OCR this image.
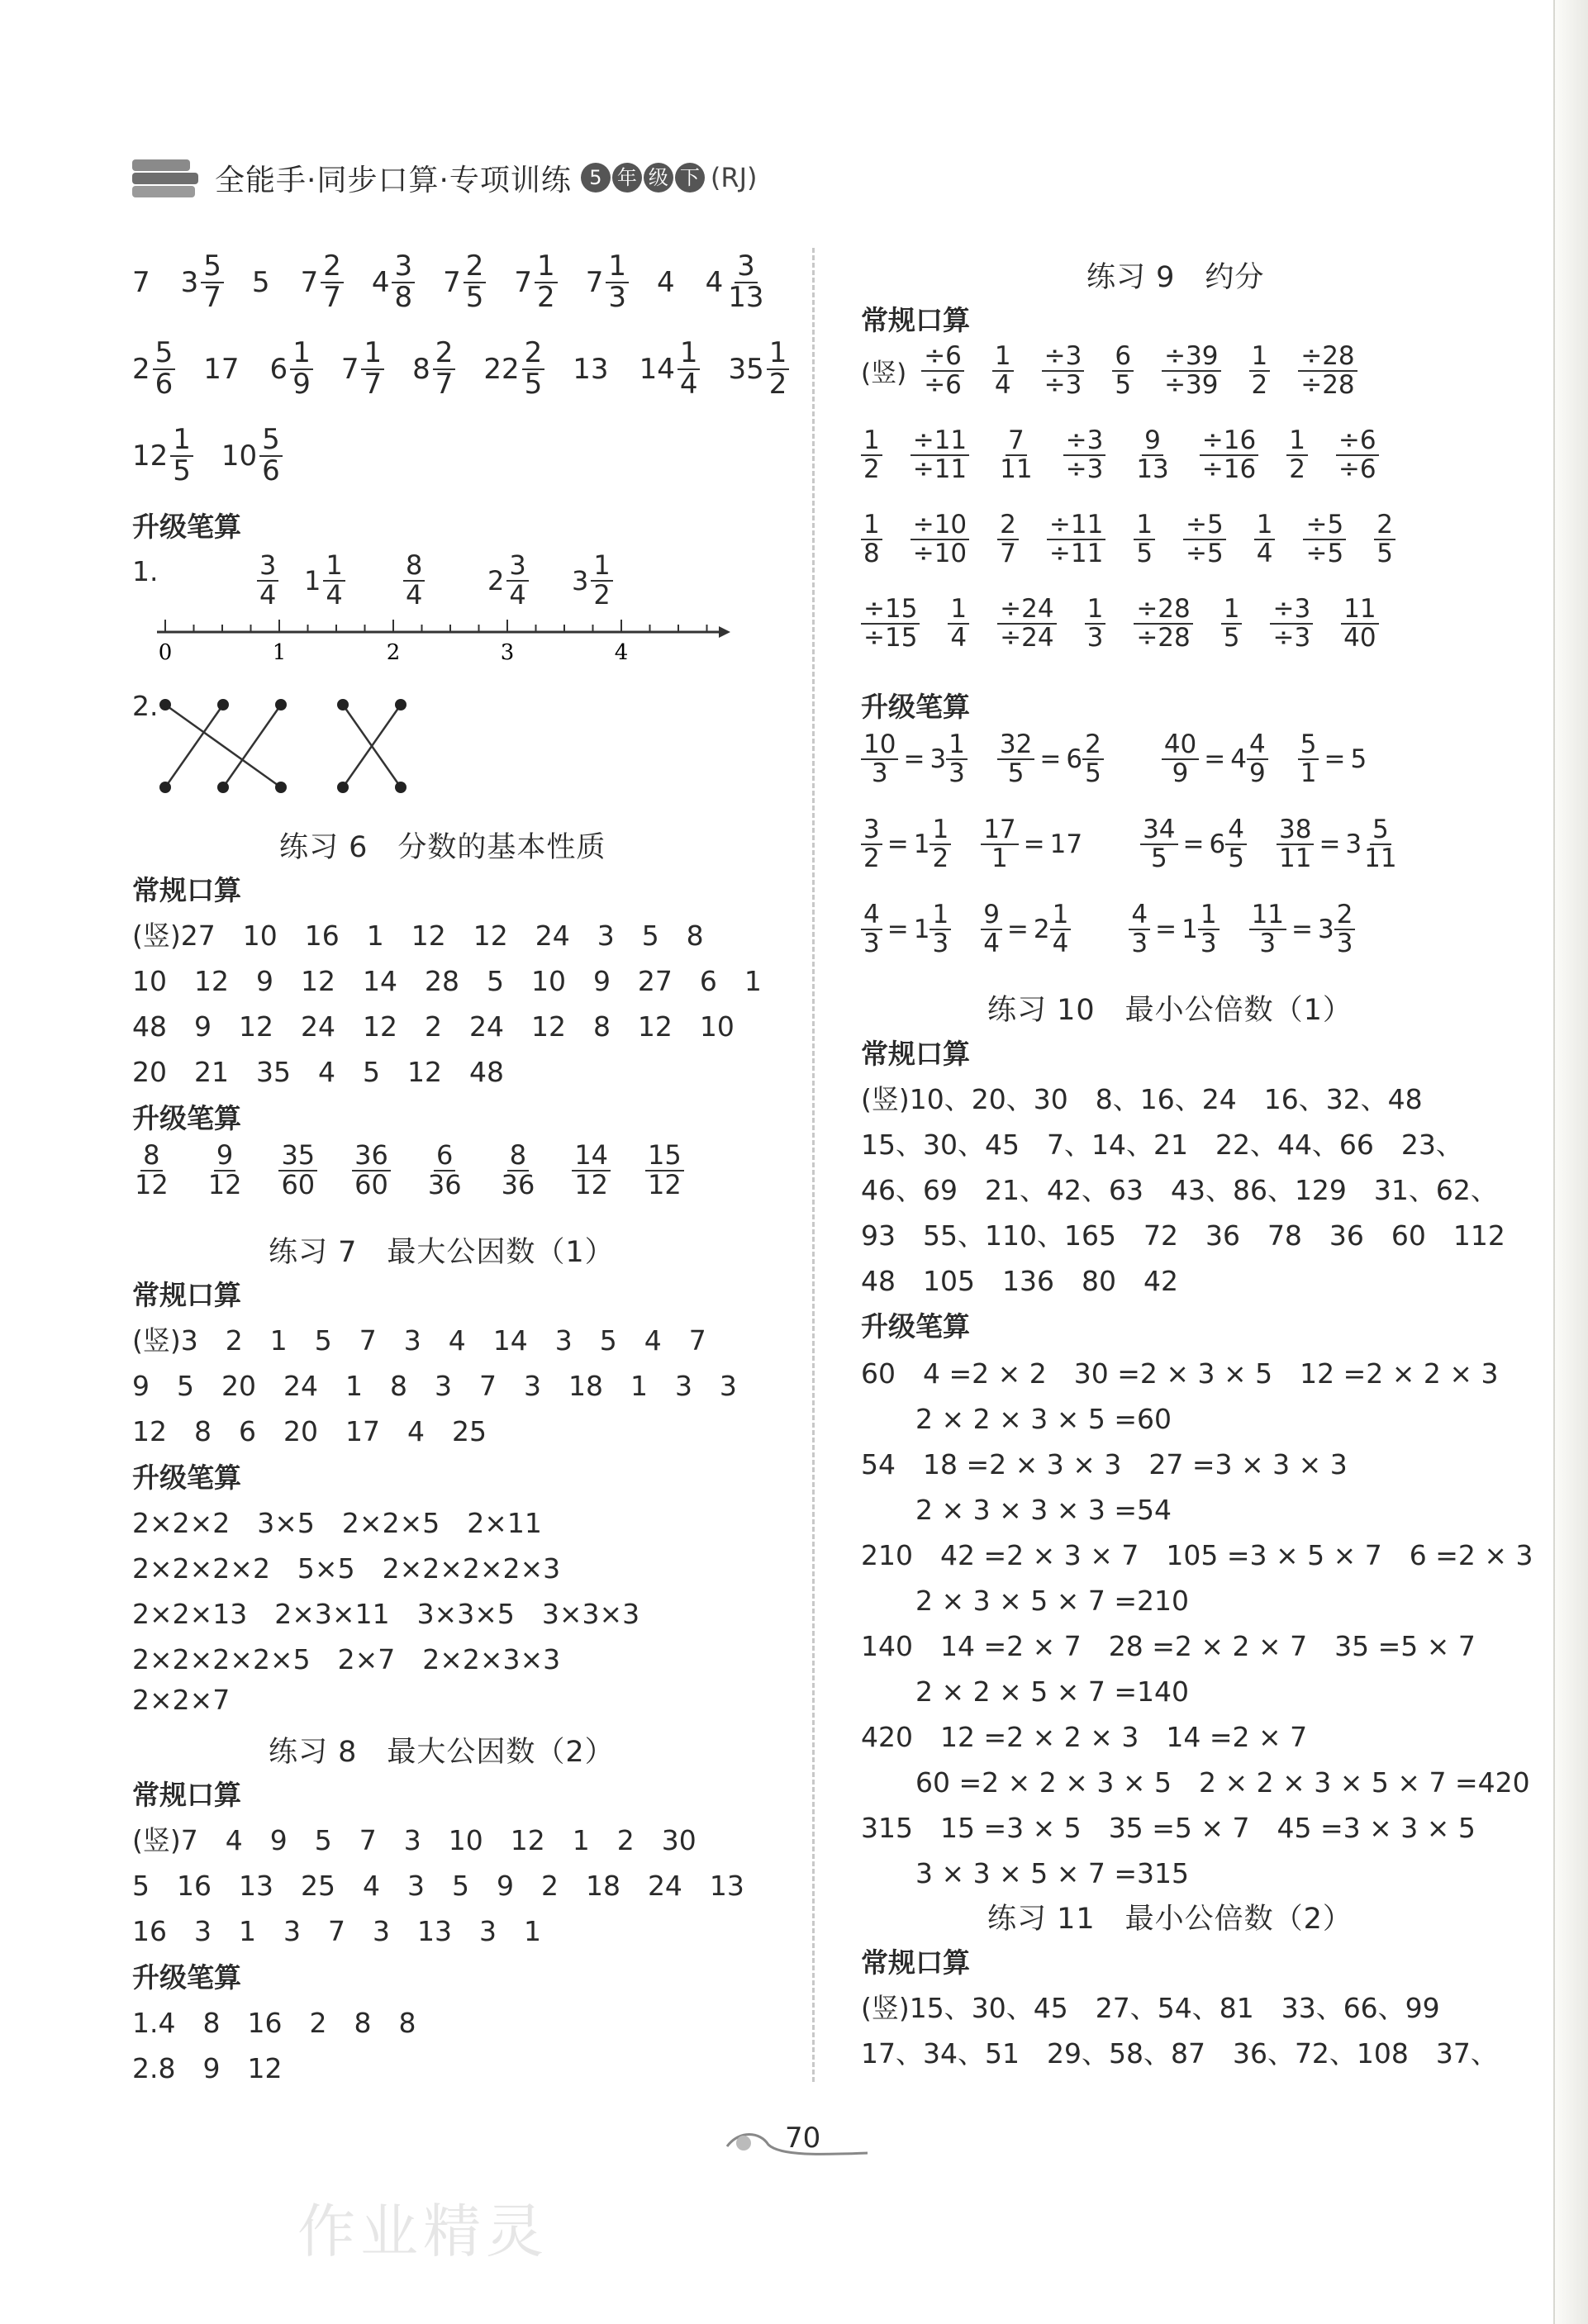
全能手·同步口算·专项训练 5 年 级 下 (RJ)
7 $3 \frac{5}{7} 5$ $7 \frac{2}{7} 4 \frac{3}{8} 7 \frac{2}{5} 7 \frac{1}{2} 7 \frac{1}{3} 4$ $4 \frac{3}{13}$
$2 \frac{5}{6} 17$ $6 \frac{1}{9} 7 \frac{1}{7} 8 \frac{2}{7} 22 \frac{2}{5} 13$ $14 \frac{1}{4} 35 \frac{1}{2}$
$12 \frac{1}{5} 10 \frac{5}{6}$
升级笔算
1.	$\frac{3}{4} 1 \frac{1}{4} \frac{8}{4} 2 \frac{3}{4} 3 \frac{1}{2}$
0	1	2	3	4
2.
练习 6　分数的基本性质
常规口算
(竖)27　10　16　1　12　12　24　3　5　8
10　12　9　12　14　28　5　10　9　27　6　1
48　9　12　24　12　2　24　12　8　12　10
20　21　35　4　5　12　48
升级笔算
$\frac{8}{12} \frac{9}{12} \frac{35}{60} \frac{36}{60} \frac{6}{36} \frac{8}{36} \frac{14}{12} \frac{15}{12}$
练习 7　最大公因数（1）
常规口算
(竖)3　2　1　5　7　3　4　14　3　5　4　7
9　5　20　24　1　8　3　7　3　18　1　3　3
12　8　6　20　17　4　25
升级笔算
2×2×2　3×5　2×2×5　2×11
2×2×2×2　5×5　2×2×2×2×3
2×2×13　2×3×11　3×3×5　3×3×3
2×2×2×2×5　2×7　2×2×3×3
2×2×7
练习 8　最大公因数（2）
常规口算
(竖)7　4　9　5　7　3　10　12　1　2　30
5　16　13　25　4　3　5　9　2　18　24　13
16　3　1　3　7　3　13　3　1
升级笔算
1.4　8　16　2　8　8
2.8　9　12
练习 9　约分
常规口算
(竖) $\frac{\div 6}{\div 6} \frac{1}{4} \frac{\div 3}{\div 3} \frac{6}{5} \frac{\div 39}{\div 39} \frac{1}{2} \frac{\div 28}{\div 28}$
$\frac{1}{2} \frac{\div 11}{\div 11} \frac{7}{11} \frac{\div 3}{\div 3} \frac{9}{13} \frac{\div 16}{\div 16} \frac{1}{2} \frac{\div 6}{\div 6}$
$\frac{1}{8} \frac{\div 10}{\div 10} \frac{2}{7} \frac{\div 11}{\div 11} \frac{1}{5} \frac{\div 5}{\div 5} \frac{1}{4} \frac{\div 5}{\div 5} \frac{2}{5}$
$\frac{\div 15}{\div 15} \frac{1}{4} \frac{\div 24}{\div 24} \frac{1}{3} \frac{\div 28}{\div 28} \frac{1}{5} \frac{\div 3}{\div 3} \frac{11}{40}$
升级笔算
$\frac{10}{3} = 3 \frac{1}{3} \frac{32}{5} = 6 \frac{2}{5} \frac{40}{9} = 4 \frac{4}{9} \frac{5}{1} = 5$
$\frac{3}{2} = 1 \frac{1}{2} \frac{17}{1} = 17 \frac{34}{5} = 6 \frac{4}{5} \frac{38}{11} = 3 \frac{5}{11}$
$\frac{4}{3} = 1 \frac{1}{3} \frac{9}{4} = 2 \frac{1}{4} \frac{4}{3} = 1 \frac{1}{3} \frac{11}{3} = 3 \frac{2}{3}$
练习 10　最小公倍数（1）
常规口算
(竖)10、20、30　8、16、24　16、32、48
15、30、45　7、14、21　22、44、66　23、
46、69　21、42、63　43、86、129　31、62、
93　55、110、165　72　36　78　36　60　112
48　105　136　80　42
升级笔算
60　4 =2 × 2　30 =2 × 3 × 5　12 =2 × 2 × 3
　　2 × 2 × 3 × 5 =60
54　18 =2 × 3 × 3　27 =3 × 3 × 3
　　2 × 3 × 3 × 3 =54
210　42 =2 × 3 × 7　105 =3 × 5 × 7　6 =2 × 3
　　2 × 3 × 5 × 7 =210
140　14 =2 × 7　28 =2 × 2 × 7　35 =5 × 7
　　2 × 2 × 5 × 7 =140
420　12 =2 × 2 × 3　14 =2 × 7
　　60 =2 × 2 × 3 × 5　2 × 2 × 3 × 5 × 7 =420
315　15 =3 × 5　35 =5 × 7　45 =3 × 3 × 5
　　3 × 3 × 5 × 7 =315
练习 11　最小公倍数（2）
常规口算
(竖)15、30、45　27、54、81　33、66、99
17、34、51　29、58、87　36、72、108　37、
70
作业精灵
